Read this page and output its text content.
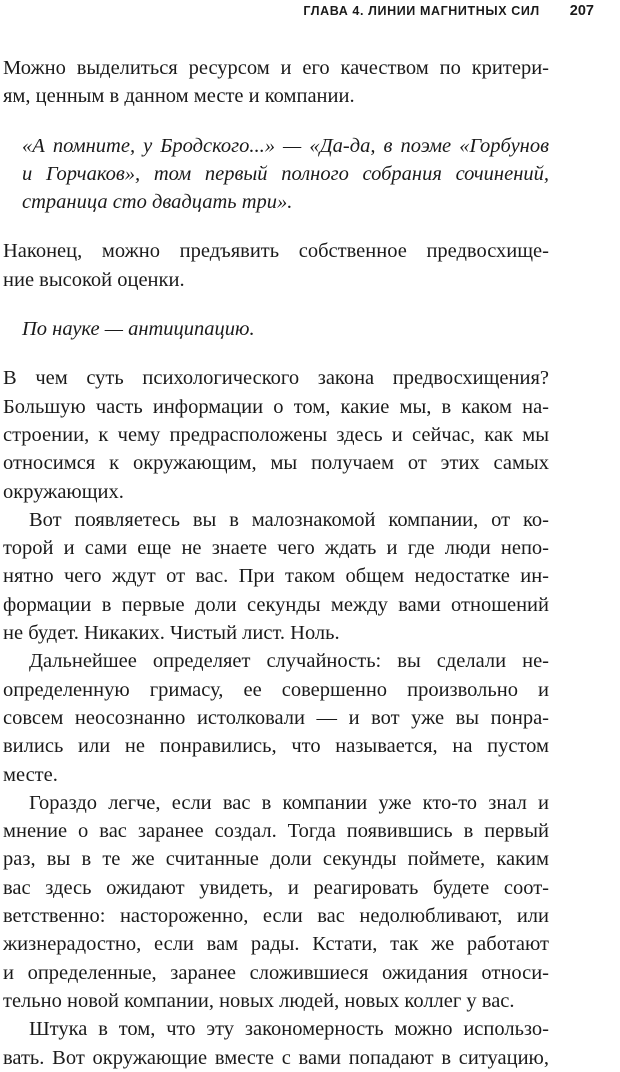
ГЛАВА 4. ЛИНИИ МАГНИТНЫХ СИЛ 207
Можно выделиться ресурсом и его качеством по критери-
ям, ценным в данном месте и компании.
«А помните, у Бродского...» — «Да-да, в поэме «Горбунов
и Горчаков», том первый полного собрания сочинений,
страница сто двадцать три».
Наконец, можно предъявить собственное предвосхище-
ние высокой оценки.
По науке — антиципацию.
В чем суть психологического закона предвосхищения?
Большую часть информации о том, какие мы, в каком на-
строении, к чему предрасположены здесь и сейчас, как мы
относимся к окружающим, мы получаем от этих самых
окружающих.
Вот появляетесь вы в малознакомой компании, от ко-
торой и сами еще не знаете чего ждать и где люди непо-
нятно чего ждут от вас. При таком общем недостатке ин-
формации в первые доли секунды между вами отношений
не будет. Никаких. Чистый лист. Ноль.
Дальнейшее определяет случайность: вы сделали не-
определенную гримасу, ее совершенно произвольно и
совсем неосознанно истолковали — и вот уже вы понра-
вились или не понравились, что называется, на пустом
месте.
Гораздо легче, если вас в компании уже кто-то знал и
мнение о вас заранее создал. Тогда появившись в первый
раз, вы в те же считанные доли секунды поймете, каким
вас здесь ожидают увидеть, и реагировать будете соот-
ветственно: настороженно, если вас недолюбливают, или
жизнерадостно, если вам рады. Кстати, так же работают
и определенные, заранее сложившиеся ожидания относи-
тельно новой компании, новых людей, новых коллег у вас.
Штука в том, что эту закономерность можно использо-
вать. Вот окружающие вместе с вами попадают в ситуацию,
